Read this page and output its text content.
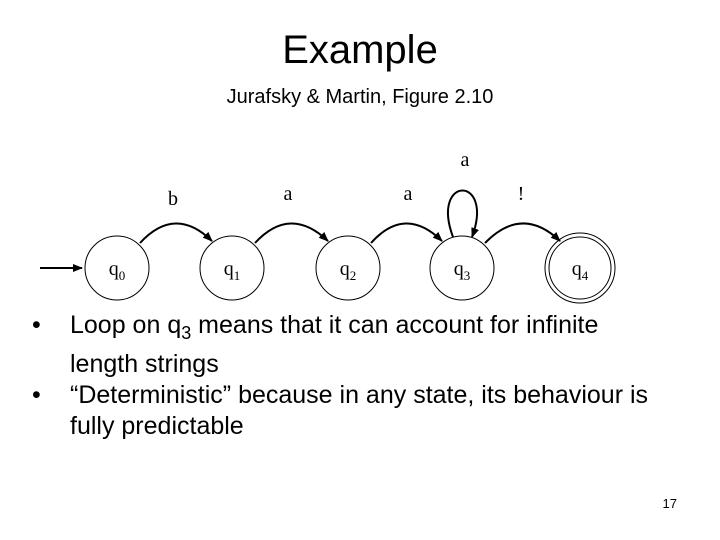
Example
Jurafsky & Martin, Figure 2.10
$q_0$	$q_1$	$q_2$	$q_3$	$q_4$
b	a	a
a
!
• Loop on $q_3$ means that it can account for infinite length strings
• “Deterministic” because in any state, its behaviour is fully predictable
17
